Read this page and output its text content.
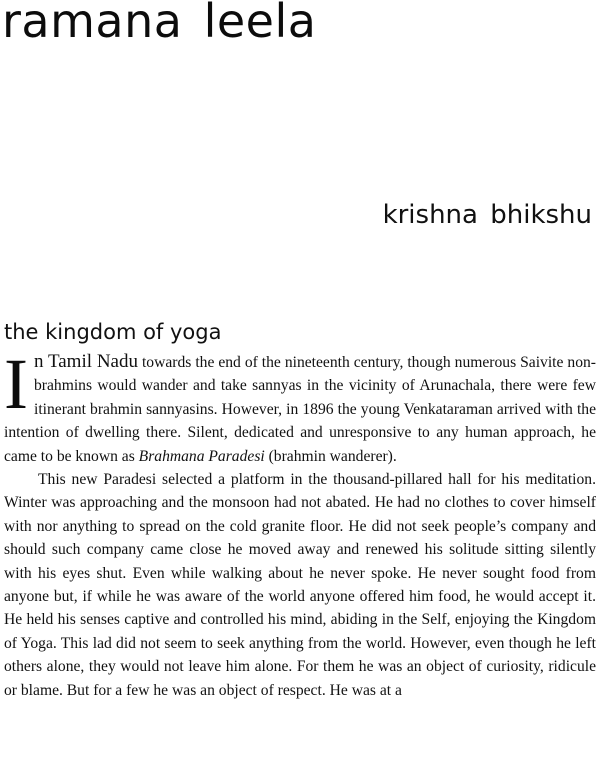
ramana leela
krishna bhikshu
the kingdom of yoga

In Tamil Nadu towards the end of the nineteenth century, though numerous Saivite non-brahmins would wander and take sannyas in the vicinity of Arunachala, there were few itinerant brahmin sannyasins. However, in 1896 the young Venkataraman arrived with the intention of dwelling there. Silent, dedicated and unresponsive to any human approach, he came to be known as Brahmana Paradesi (brahmin wanderer).

This new Paradesi selected a platform in the thousand-pillared hall for his meditation. Winter was approaching and the monsoon had not abated. He had no clothes to cover himself with nor anything to spread on the cold granite floor. He did not seek people’s company and should such company came close he moved away and renewed his solitude sitting silently with his eyes shut. Even while walking about he never spoke. He never sought food from anyone but, if while he was aware of the world anyone offered him food, he would accept it. He held his senses captive and controlled his mind, abiding in the Self, enjoying the Kingdom of Yoga. This lad did not seem to seek anything from the world. However, even though he left others alone, they would not leave him alone. For them he was an object of curiosity, ridicule or blame. But for a few he was an object of respect. He was at a
